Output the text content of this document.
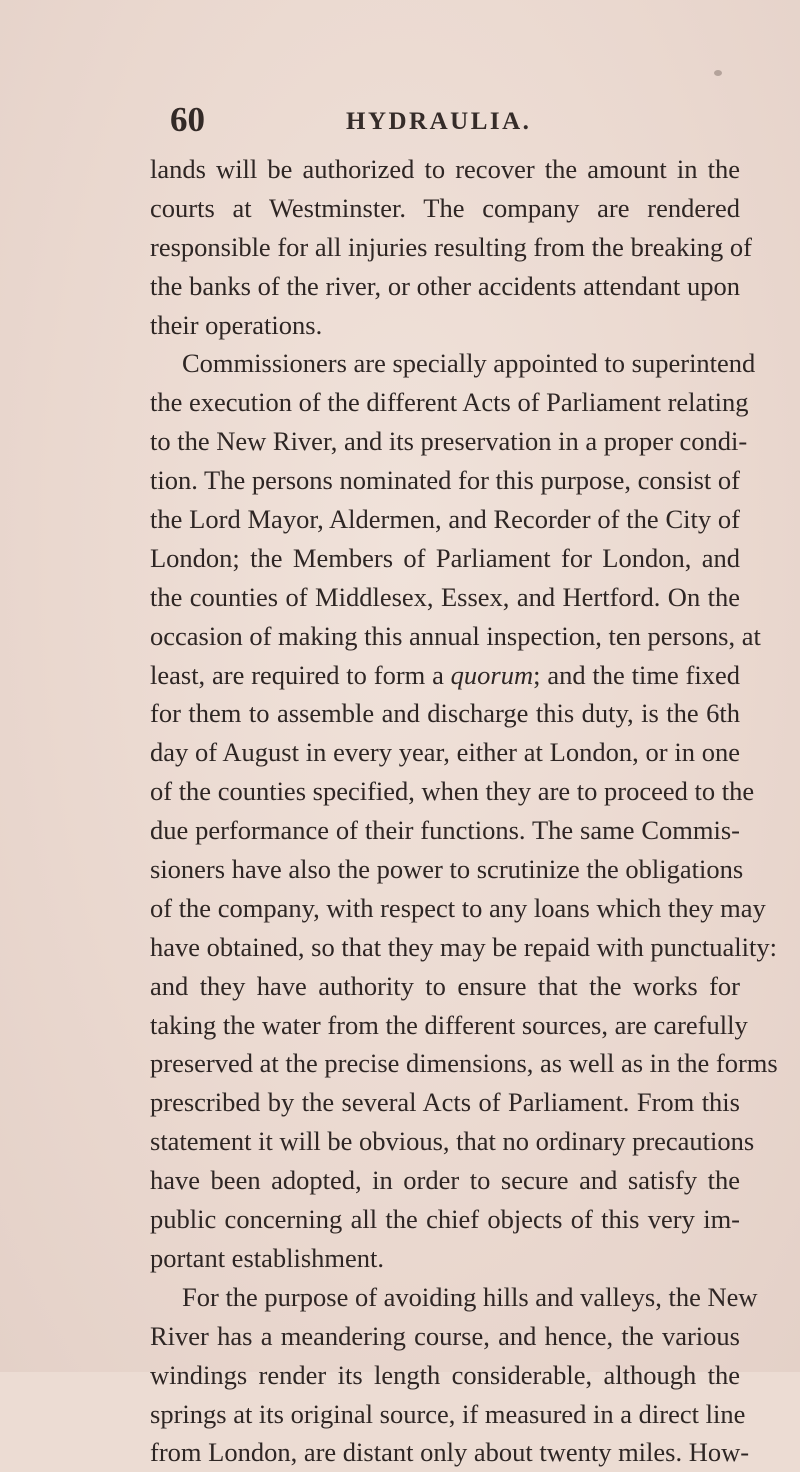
60	HYDRAULIA.
lands will be authorized to recover the amount in the
courts at Westminster. The company are rendered
responsible for all injuries resulting from the breaking of
the banks of the river, or other accidents attendant upon
their operations.
Commissioners are specially appointed to superintend
the execution of the different Acts of Parliament relating
to the New River, and its preservation in a proper condi-
tion. The persons nominated for this purpose, consist of
the Lord Mayor, Aldermen, and Recorder of the City of
London; the Members of Parliament for London, and
the counties of Middlesex, Essex, and Hertford. On the
occasion of making this annual inspection, ten persons, at
least, are required to form a quorum; and the time fixed
for them to assemble and discharge this duty, is the 6th
day of August in every year, either at London, or in one
of the counties specified, when they are to proceed to the
due performance of their functions. The same Commis-
sioners have also the power to scrutinize the obligations
of the company, with respect to any loans which they may
have obtained, so that they may be repaid with punctuality:
and they have authority to ensure that the works for
taking the water from the different sources, are carefully
preserved at the precise dimensions, as well as in the forms
prescribed by the several Acts of Parliament. From this
statement it will be obvious, that no ordinary precautions
have been adopted, in order to secure and satisfy the
public concerning all the chief objects of this very im-
portant establishment.
For the purpose of avoiding hills and valleys, the New
River has a meandering course, and hence, the various
windings render its length considerable, although the
springs at its original source, if measured in a direct line
from London, are distant only about twenty miles. How-
